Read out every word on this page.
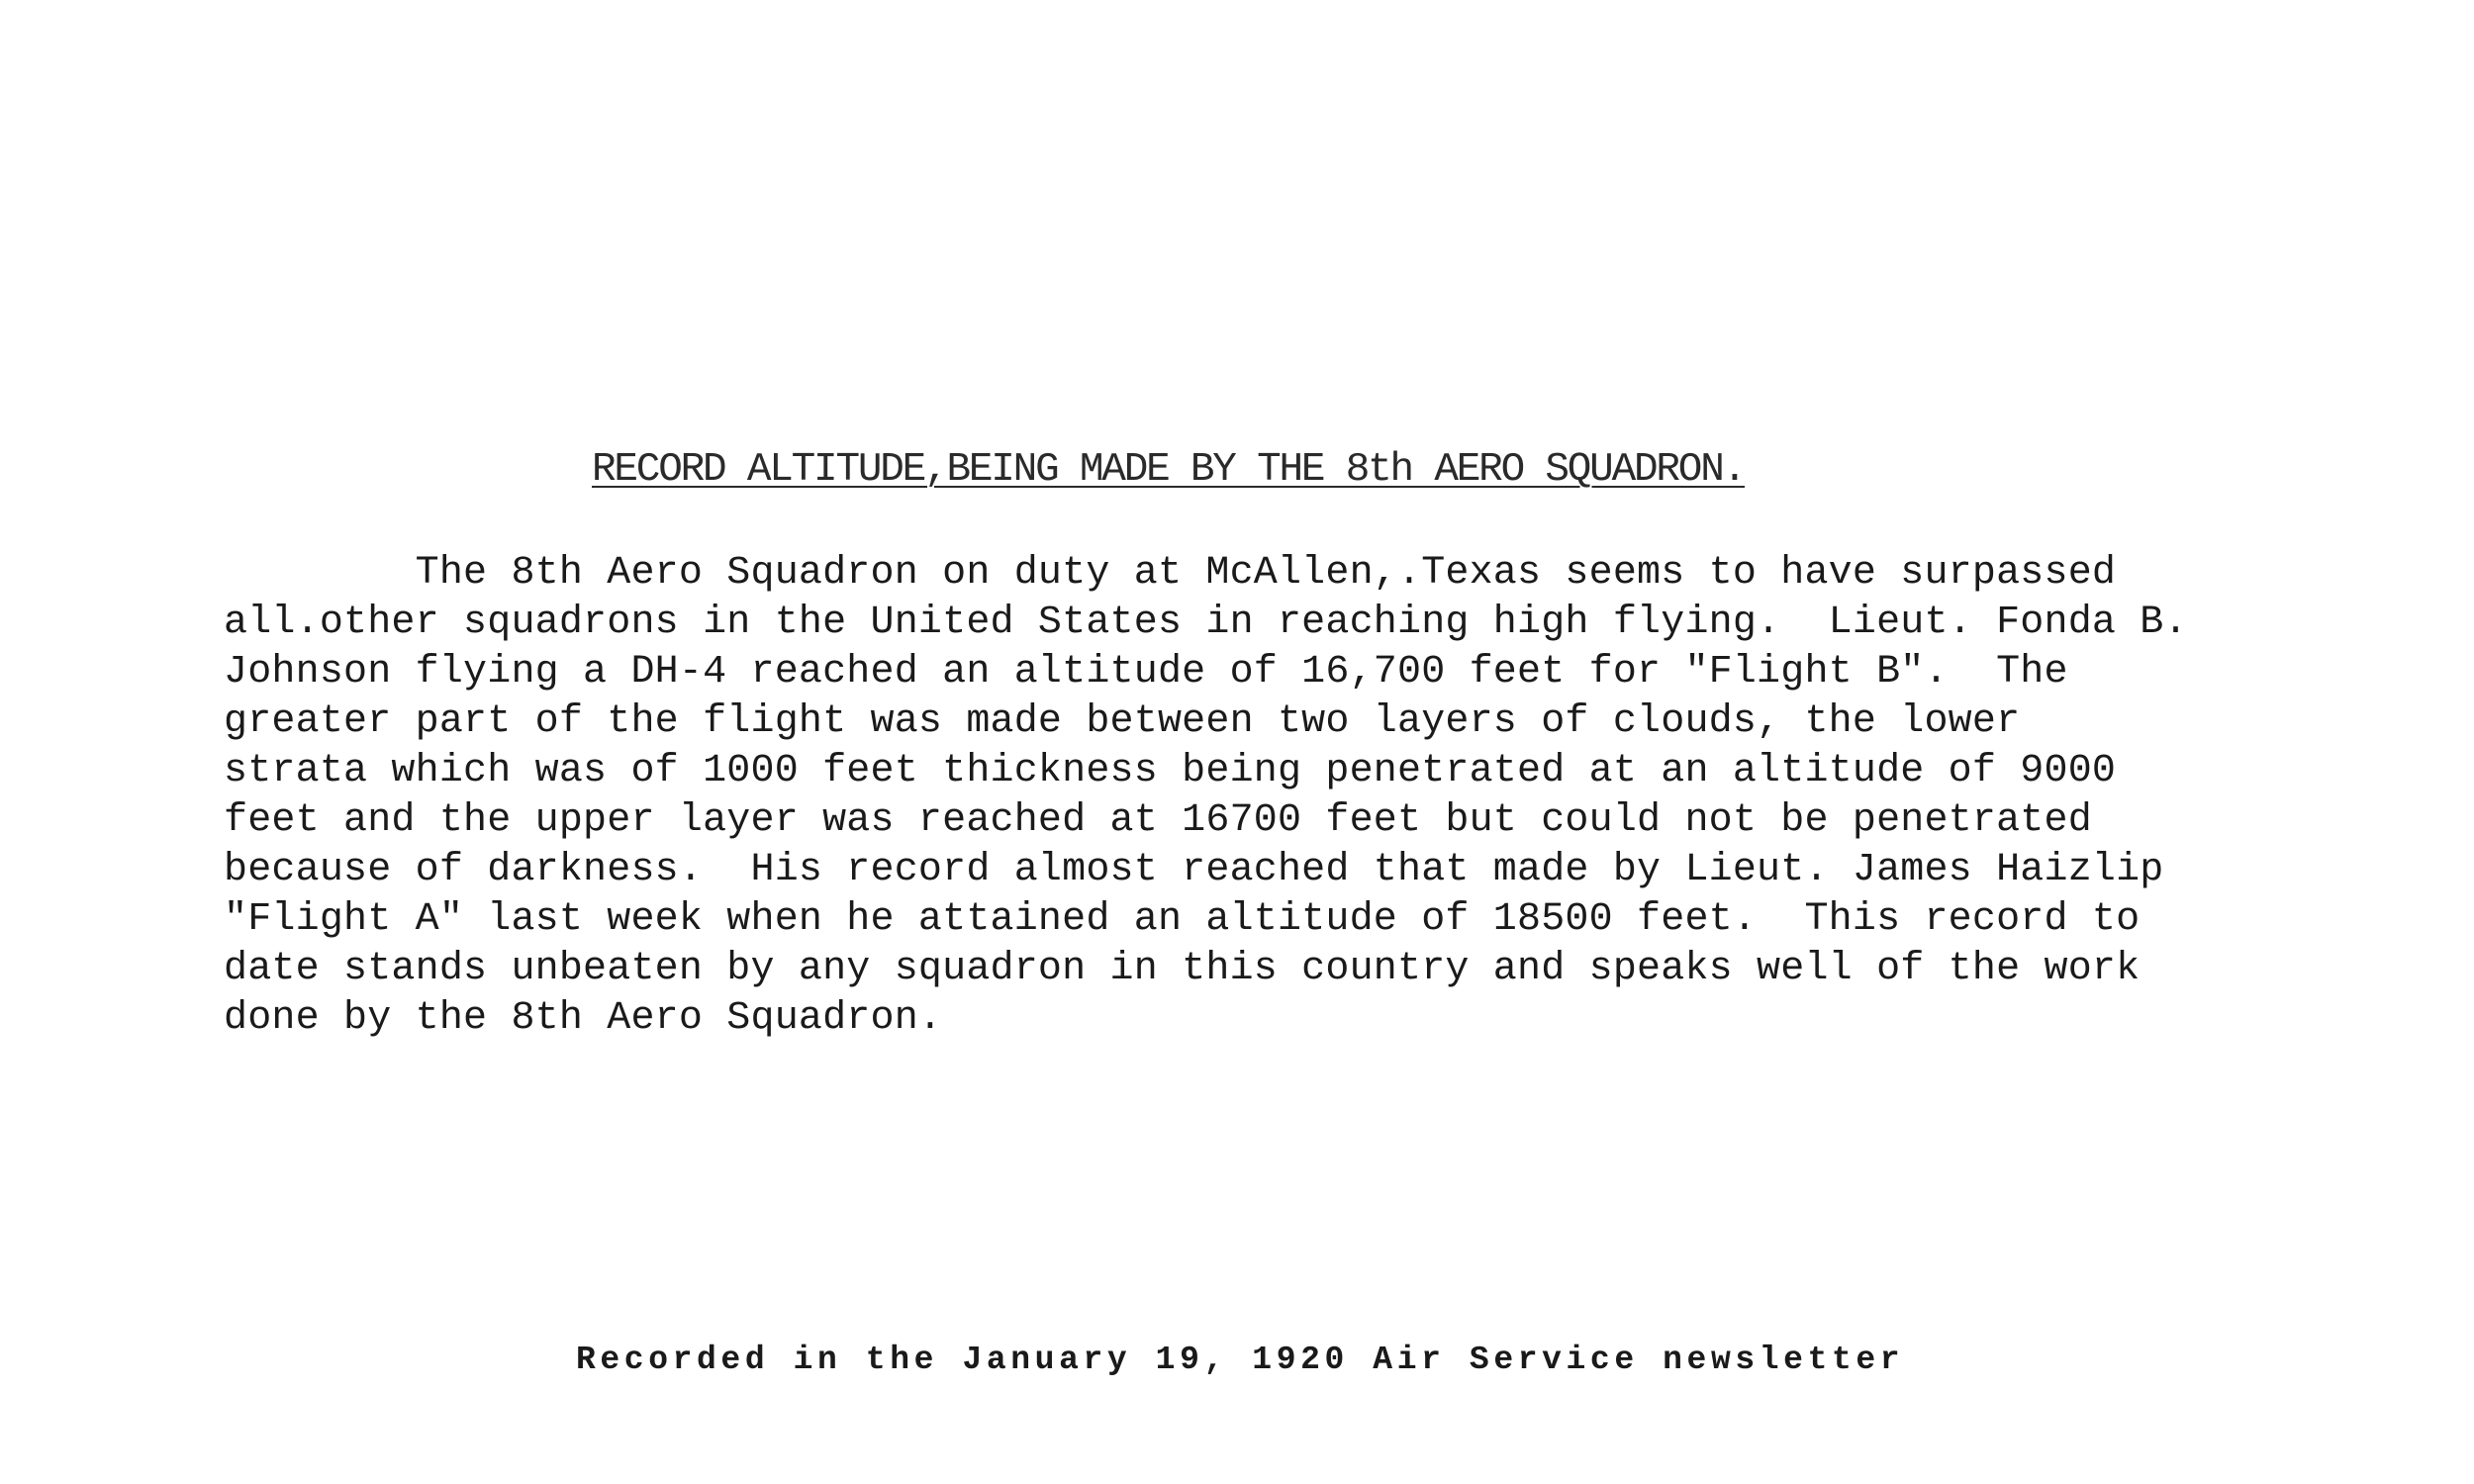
RECORD ALTITUDE,BEING MADE BY THE 8th AERO SQUADRON.
The 8th Aero Squadron on duty at McAllen,.Texas seems to have surpassed
all.other squadrons in the United States in reaching high flying.  Lieut. Fonda B.
Johnson flying a DH-4 reached an altitude of 16,700 feet for "Flight B".  The
greater part of the flight was made between two layers of clouds, the lower
strata which was of 1000 feet thickness being penetrated at an altitude of 9000
feet and the upper layer was reached at 16700 feet but could not be penetrated
because of darkness.  His record almost reached that made by Lieut. James Haizlip
"Flight A" last week when he attained an altitude of 18500 feet.  This record to
date stands unbeaten by any squadron in this country and speaks well of the work
done by the 8th Aero Squadron.

Recorded in the January 19, 1920 Air Service newsletter
